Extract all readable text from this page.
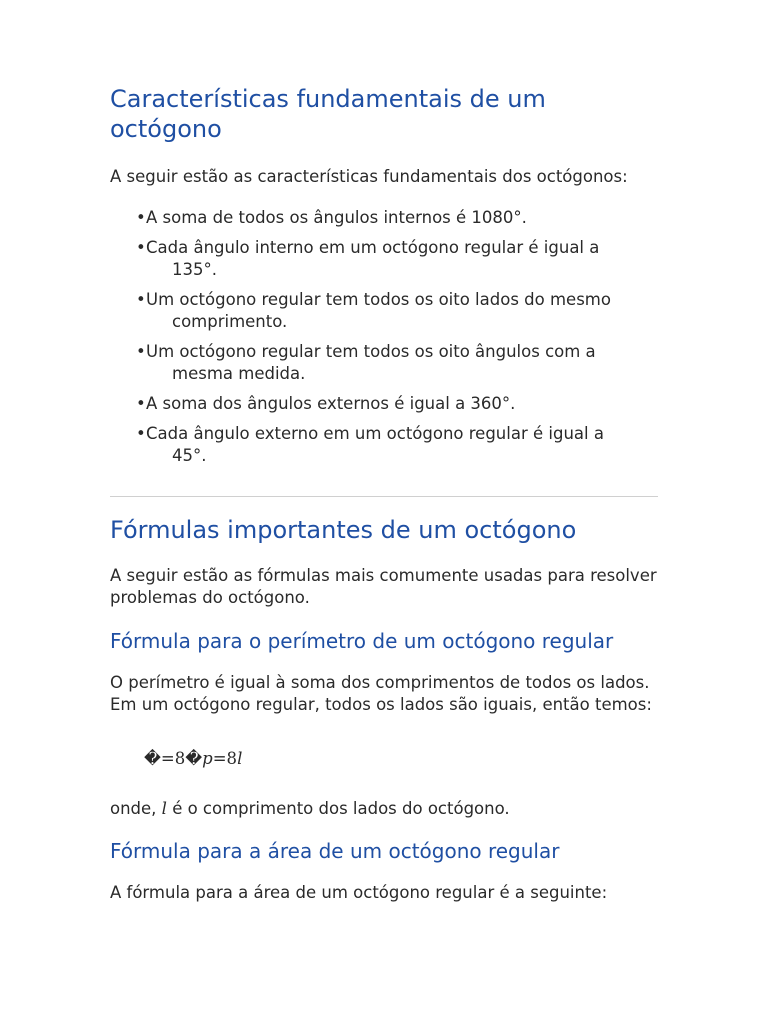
Características fundamentais de um octógono

A seguir estão as características fundamentais dos octógonos:

• A soma de todos os ângulos internos é 1080°.
• Cada ângulo interno em um octógono regular é igual a
135°.
• Um octógono regular tem todos os oito lados do mesmo
comprimento.
• Um octógono regular tem todos os oito ângulos com a
mesma medida.
• A soma dos ângulos externos é igual a 360°.
• Cada ângulo externo em um octógono regular é igual a
45°.
Fórmulas importantes de um octógono

A seguir estão as fórmulas mais comumente usadas para resolver problemas do octógono.

Fórmula para o perímetro de um octógono regular

O perímetro é igual à soma dos comprimentos de todos os lados. Em um octógono regular, todos os lados são iguais, então temos:

�=8�p=8l

onde, l é o comprimento dos lados do octógono.

Fórmula para a área de um octógono regular

A fórmula para a área de um octógono regular é a seguinte:
